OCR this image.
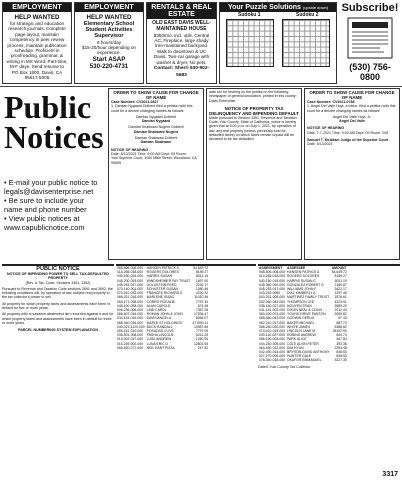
EMPLOYMENT
HELP WANTED
for strategic and education research journals. Complete page layout, maintain competency in peer review process, maintain publication schedule. Proficient in proofreading, grammar, & writing in MS Word. Part-time, M-F days. Send resume to PO Box 1600, Davis, CA 95617-5005
EMPLOYMENT
HELP WANTED
Elementary School Student Activities Supervisor
6 hours/day
$15-20/hour depending on experience.
Start ASAP
530-220-4731
RENTALS & REAL ESTATE
OLD EAST DAVIS WELL-MAINTAINED HOUSE
$350/mo. incl. utils, Central AC, Fireplace, large shady tree-maintained backyard. Walk to downtown & UC Davis. Two-car garage with washer & dryer. No pets.
Contact: Sherri 530-902-5683
Your Puzzle Solutions (upside down)
Sudoku 1	Sudoku 2
Subscribe!
(530) 756-0800
Public
Notices
• E-mail your public notice to legals@davisenterprise.net
• Be sure to include your name and phone number
• View public notices at www.capublicnotice.com
ORDER TO SHOW CAUSE FOR CHANGE OF NAME
Case Number: CV2021-0827
1. Damian Nygaard Dolberti filed a petition with this court for a decree changing names as follows:
Damian Nygaard Dolberti
Damian Nygaard
Damian Shabwani Nugent Dolberti
Damian Shabwani Nugent
Damian Shabwani Dolberti
Damian Shabwani
NOTICE OF HEARING
Date: 8/10/2021 Time: 9:00 AM Dept: 09 Room:
Yolo Superior Court, 1000 Main Street, Woodland, CA 95695
date set for hearing on the petition in the following newspaper of general circulation, printed in this county: Davis Enterprise.
NOTICE OF PROPERTY TAX DELINQUENCY AND IMPENDING DEFAULT
Made pursuant to Section 3351, Revenue and Taxation Code. Yolo County, State of California, notice is hereby given that at 5:00 p.m. on July 1, 2021, by operation of law, any real property (unless previously sold for defaulted taxes) on which taxes remain unpaid will be declared to be tax-defaulted.
ORDER TO SHOW CAUSE FOR CHANGE OF NAME
Case Number: CV2021-0788
1. Angel Del Valle Hoyt, a minor, filed a petition with this court for a decree changing names as follows:
Angel Del Valle Hoyt, Jr.
Angel Del Valle
NOTICE OF HEARING
Date: 7-7-2021 Time: 9:00 AM Dept: 09 Room: 209
Samuel T. McAdam Judge of the Superior Court
Date: 5/13/2021
PUBLIC NOTICE
NOTICE OF IMPENDING POWER TO SELL TAX-DEFAULTED PROPERTY
(Rev. & Tax. Code, Sections 3361, 3362)
Pursuant to Revenue and Taxation Code sections 3691 and 3692, the following conditions will, by operation of law, subject real property to the tax collector's power to sell.
All property for which property taxes and assessments have been in default for five or more years.
All property with a nuisance abatement lien recorded against it and for which property taxes and assessments have been in default for three or more years.
PARCEL NUMBERING SYSTEM EXPLANATION
065-606-008-000	HANSEN PATRICK A	54,649.72
014-265-018-000	ROGERS DOLORES	8159.27
040-180-015-000	HARRIS SUSAN	8011.19
045-200-093-000	WINDSHEIMER FAY TRUST	1697.00
045-253-017-000	GOLDSTEIN FRED	2232.17
070-140-001-000	SCHUSTER SUSAN	1080.46
070-010-032-000	FRANCES RICHARD E	4220.32
066-021-016-000	MARLENE ISAAC	11010.36
054-171-038-000	CORRO ROSALIE	7797.10
048-100-058-000	ALAN CAROLE	674.48
006-236-006-000	LINE CAROL	7367.28
066-607-016-000	ROMAN JOHN & JOHN	17534.47
034-131-016-000	DAVIS ANGELA	6064.07
068-340-035-000	MAPLE ST HOLDINGS	471993.11
040-021-1120-000	BUCK RANDALL	10987.84
006-161-010-000	POSADAS CLIVE	7797.05
035-501-008-000	PASHA LINCOLN	6211.29
014-002-017-000	LUSK ANDREW	1260.94
014-249-002-000	LUNA ERIC D	12801.93
065-520-077-000	NEIL HART PIZZA	247.52
ASSESSMENT	ASSESSEE	AMOUNT
065-606-008-000	HANSEN PATRICK A	54,649.72
014-265-018-000	ROGERS DOLORES	8159.27
040-180-015-000	HARRIS SUSAN C	8011.19
045-360-092-000	GONZALEZ ROBERT D	2180.87
045-253-017-000	WILLIAMS JOHN F	3422.17
043-032-0050	DIAZ KIMBERLY A	1297.46
043-031-008-000	MARTINEZ FAMILY TRUST	1876.61
032-060-043-000	THOMPSON LEE	4223.01
038-140-027-000	NGUYEN TRAN	3989.20
041-141-002-000	DIXON NEAL & COLIN	2012.43
060-020-074-000	YOUNG DRIVE PANTON	3050.82
065-480-042-000	GODWIN DERLIK	67.33
062-210-017-000	BAKER MICHAEL	687.73
066-240-020-000	WHITE JAMES	5388.82
074-410-019-000	LINCOLN JANE M	28192.90
049-110-027-000	ROBINS ANDREW	844.74
066-190-003-000	PARK ALICE	467.84
044-240-005-000	COLE ALVIN PETER	393.36
064-630-012-000	KIM HYUN	2253.45
042-490-014-000	BRYSON DAVID ANTHONY	848.53
027-270-006-000	HUNTER GALE	838.53
076-340-018-000	OKAFOR EMMANUEL	3227.35
Dated: Yolo County Tax Collector
3317
